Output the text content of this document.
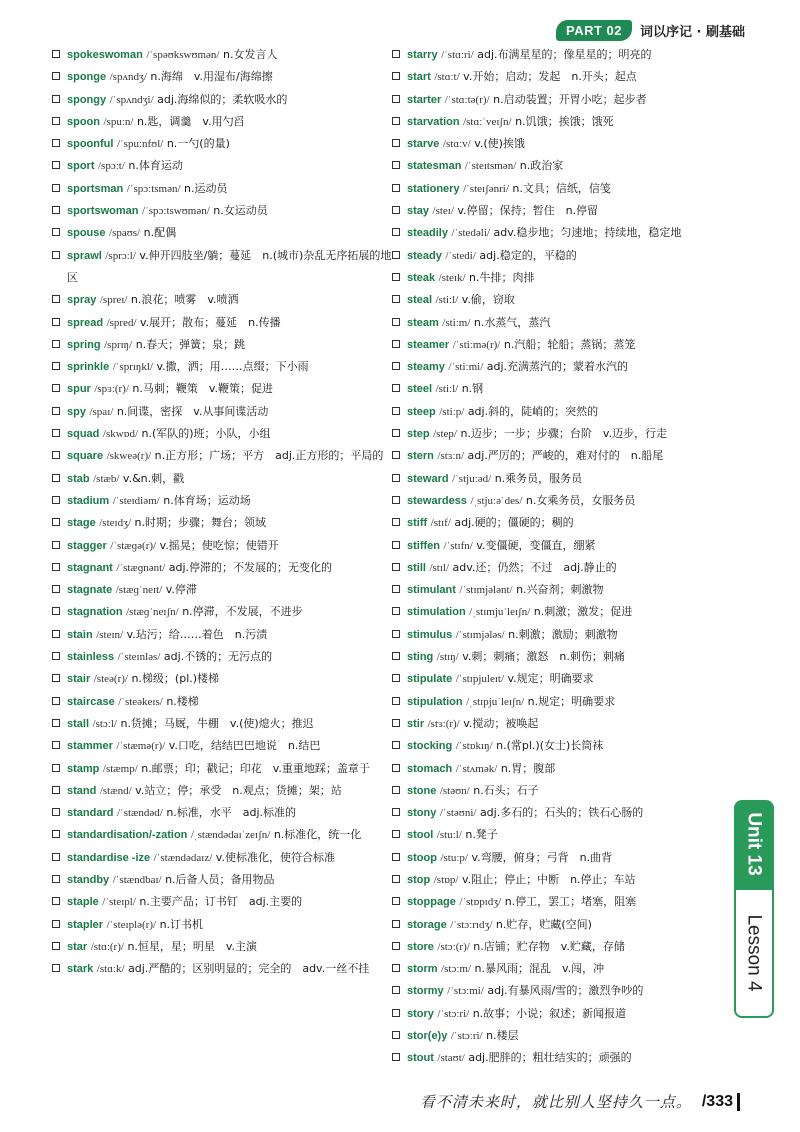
PART 02	词以序记 · 刷基础
spokeswoman /ˈspəʊkswʊmən/ n.女发言人
sponge /spʌndʒ/ n.海绵　v.用湿布/海绵擦
spongy /ˈspʌndʒi/ adj.海绵似的；柔软吸水的
spoon /spuːn/ n.匙，调羹　v.用勺舀
spoonful /ˈspuːnfʊl/ n.一勺(的量)
sport /spɔːt/ n.体育运动
sportsman /ˈspɔːtsmən/ n.运动员
sportswoman /ˈspɔːtswʊmən/ n.女运动员
spouse /spaʊs/ n.配偶
sprawl /sprɔːl/ v.伸开四肢坐/躺；蔓延　n.(城市)杂乱无序拓展的地区
spray /spreɪ/ n.浪花；喷雾　v.喷洒
spread /spred/ v.展开；散布；蔓延　n.传播
spring /sprɪŋ/ n.春天；弹簧；泉；跳
sprinkle /ˈsprɪŋkl/ v.撒，洒；用……点缀；下小雨
spur /spɜː(r)/ n.马刺；鞭策　v.鞭策；促进
spy /spaɪ/ n.间谍，密探　v.从事间谍活动
squad /skwɒd/ n.(军队的)班；小队，小组
square /skweə(r)/ n.正方形；广场；平方　adj.正方形的；平局的
stab /stæb/ v.&n.刺，戳
stadium /ˈsteɪdiəm/ n.体育场；运动场
stage /steɪdʒ/ n.时期；步骤；舞台；领域
stagger /ˈstæɡə(r)/ v.摇晃；使吃惊；使错开
stagnant /ˈstæɡnənt/ adj.停滞的；不发展的；无变化的
stagnate /stæɡˈneɪt/ v.停滞
stagnation /stæɡˈneɪʃn/ n.停滞，不发展，不进步
stain /steɪn/ v.玷污；给……着色　n.污渍
stainless /ˈsteɪnləs/ adj.不锈的；无污点的
stair /steə(r)/ n.梯级；(pl.)楼梯
staircase /ˈsteəkeɪs/ n.楼梯
stall /stɔːl/ n.货摊；马厩，牛棚　v.(使)熄火；推迟
stammer /ˈstæmə(r)/ v.口吃，结结巴巴地说　n.结巴
stamp /stæmp/ n.邮票；印；戳记；印花　v.重重地踩；盖章于
stand /stænd/ v.站立；停；承受　n.观点；货摊；架；站
standard /ˈstændəd/ n.标准，水平　adj.标准的
standardisation/-zation /ˌstændədaɪˈzeɪʃn/ n.标准化，统一化
standardise -ize /ˈstændədaɪz/ v.使标准化，使符合标准
standby /ˈstændbaɪ/ n.后备人员；备用物品
staple /ˈsteɪpl/ n.主要产品；订书钉　adj.主要的
stapler /ˈsteɪplə(r)/ n.订书机
star /stɑː(r)/ n.恒星，星；明星　v.主演
stark /stɑːk/ adj.严酷的；区别明显的；完全的　adv.一丝不挂
starry /ˈstɑːri/ adj.布满星星的；像星星的；明亮的
start /stɑːt/ v.开始；启动；发起　n.开头；起点
starter /ˈstɑːtə(r)/ n.启动装置；开胃小吃；起步者
starvation /stɑːˈveɪʃn/ n.饥饿；挨饿；饿死
starve /stɑːv/ v.(使)挨饿
statesman /ˈsteɪtsmən/ n.政治家
stationery /ˈsteɪʃənri/ n.文具；信纸，信笺
stay /steɪ/ v.停留；保持；暂住　n.停留
steadily /ˈstedəli/ adv.稳步地；匀速地；持续地，稳定地
steady /ˈstedi/ adj.稳定的，平稳的
steak /steɪk/ n.牛排；肉排
steal /stiːl/ v.偷，窃取
steam /stiːm/ n.水蒸气，蒸汽
steamer /ˈstiːmə(r)/ n.汽船；轮船；蒸锅；蒸笼
steamy /ˈstiːmi/ adj.充满蒸汽的；蒙着水汽的
steel /stiːl/ n.钢
steep /stiːp/ adj.斜的，陡峭的；突然的
step /step/ n.迈步；一步；步骤；台阶　v.迈步，行走
stern /stɜːn/ adj.严厉的；严峻的，难对付的　n.船尾
steward /ˈstjuːəd/ n.乘务员，服务员
stewardess /ˌstjuːəˈdes/ n.女乘务员，女服务员
stiff /stɪf/ adj.硬的；僵硬的；稠的
stiffen /ˈstɪfn/ v.变僵硬，变僵直，绷紧
still /stɪl/ adv.还；仍然；不过　adj.静止的
stimulant /ˈstɪmjələnt/ n.兴奋剂；刺激物
stimulation /ˌstɪmjuˈleɪʃn/ n.刺激；激发；促进
stimulus /ˈstɪmjələs/ n.刺激；激励；刺激物
sting /stɪŋ/ v.刺；刺痛；激怒　n.刺伤；刺痛
stipulate /ˈstɪpjuleɪt/ v.规定；明确要求
stipulation /ˌstɪpjuˈleɪʃn/ n.规定；明确要求
stir /stɜː(r)/ v.搅动；被唤起
stocking /ˈstɒkɪŋ/ n.(常pl.)(女士)长筒袜
stomach /ˈstʌmək/ n.胃；腹部
stone /stəʊn/ n.石头；石子
stony /ˈstəʊni/ adj.多石的；石头的；铁石心肠的
stool /stuːl/ n.凳子
stoop /stuːp/ v.弯腰，俯身；弓背　n.曲背
stop /stɒp/ v.阻止；停止；中断　n.停止；车站
stoppage /ˈstɒpɪdʒ/ n.停工，罢工；堵塞，阻塞
storage /ˈstɔːrɪdʒ/ n.贮存，贮藏(空间)
store /stɔː(r)/ n.店铺；贮存物　v.贮藏，存储
storm /stɔːm/ n.暴风雨；混乱　v.闯，冲
stormy /ˈstɔːmi/ adj.有暴风雨/雪的；激烈争吵的
story /ˈstɔːri/ n.故事；小说；叙述；新闻报道
stor(e)y /ˈstɔːri/ n.楼层
stout /staʊt/ adj.肥胖的；粗壮结实的；顽强的
Unit 13
Lesson 4
看不清未来时，就比别人坚持久一点。 /333
